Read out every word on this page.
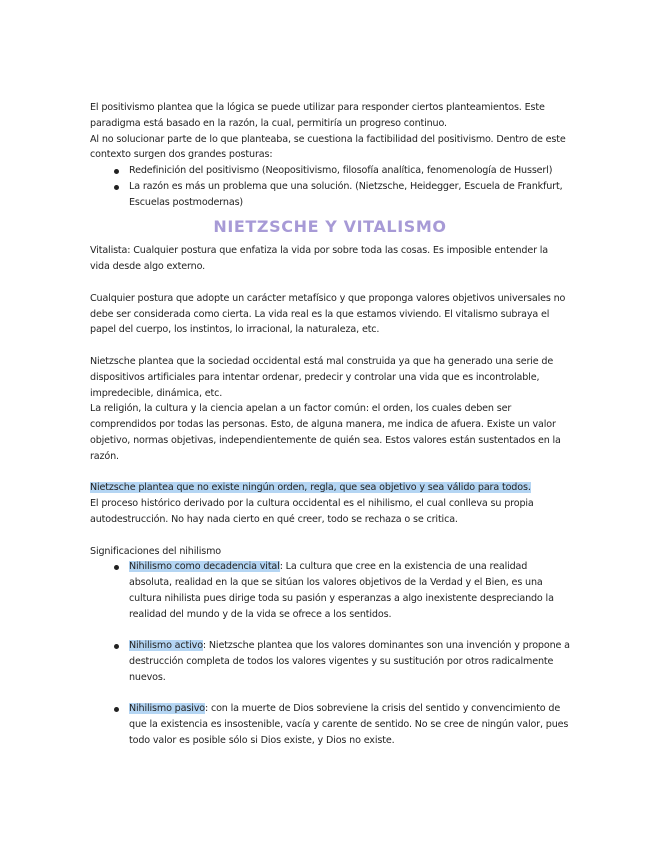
El positivismo plantea que la lógica se puede utilizar para responder ciertos planteamientos. Este paradigma está basado en la razón, la cual, permitiría un progreso continuo.

Al no solucionar parte de lo que planteaba, se cuestiona la factibilidad del positivismo. Dentro de este contexto surgen dos grandes posturas:

Redefinición del positivismo (Neopositivismo, filosofía analítica, fenomenología de Husserl)
La razón es más un problema que una solución. (Nietzsche, Heidegger, Escuela de Frankfurt, Escuelas postmodernas)
NIETZSCHE Y VITALISMO

Vitalista: Cualquier postura que enfatiza la vida por sobre toda las cosas. Es imposible entender la vida desde algo externo.

Cualquier postura que adopte un carácter metafísico y que proponga valores objetivos universales no debe ser considerada como cierta. La vida real es la que estamos viviendo. El vitalismo subraya el papel del cuerpo, los instintos, lo irracional, la naturaleza, etc.

Nietzsche plantea que la sociedad occidental está mal construida ya que ha generado una serie de dispositivos artificiales para intentar ordenar, predecir y controlar una vida que es incontrolable, impredecible, dinámica, etc.

La religión, la cultura y la ciencia apelan a un factor común: el orden, los cuales deben ser comprendidos por todas las personas. Esto, de alguna manera, me indica de afuera. Existe un valor objetivo, normas objetivas, independientemente de quién sea. Estos valores están sustentados en la razón.

Nietzsche plantea que no existe ningún orden, regla, que sea objetivo y sea válido para todos.

El proceso histórico derivado por la cultura occidental es el nihilismo, el cual conlleva su propia autodestrucción. No hay nada cierto en qué creer, todo se rechaza o se critica.

Significaciones del nihilismo

Nihilismo como decadencia vital: La cultura que cree en la existencia de una realidad absoluta, realidad en la que se sitúan los valores objetivos de la Verdad y el Bien, es una cultura nihilista pues dirige toda su pasión y esperanzas a algo inexistente despreciando la realidad del mundo y de la vida se ofrece a los sentidos.
Nihilismo activo: Nietzsche plantea que los valores dominantes son una invención y propone a destrucción completa de todos los valores vigentes y su sustitución por otros radicalmente nuevos.
Nihilismo pasivo: con la muerte de Dios sobreviene la crisis del sentido y convencimiento de que la existencia es insostenible, vacía y carente de sentido. No se cree de ningún valor, pues todo valor es posible sólo si Dios existe, y Dios no existe.
